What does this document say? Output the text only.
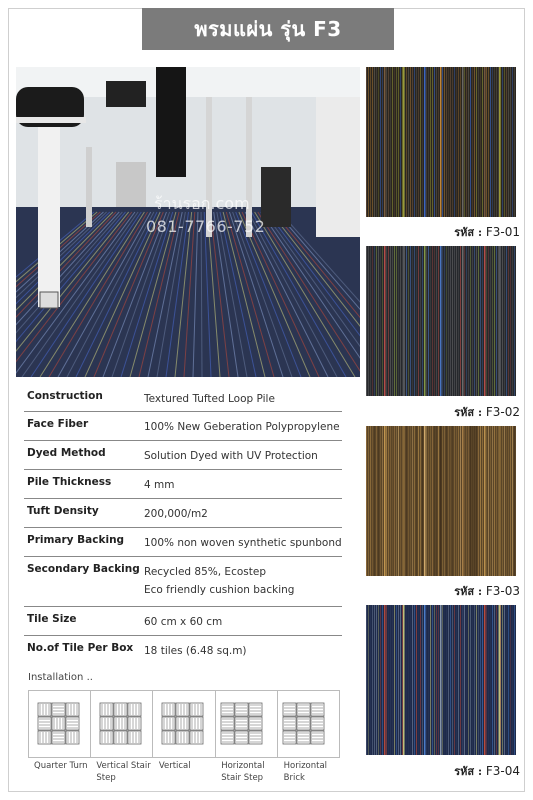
พรมแผ่น รุ่น F3
ร้านรอก.com
081-7766-752
Construction	Textured Tufted Loop Pile
Face Fiber	100% New Geberation Polypropylene
Dyed Method	Solution Dyed with UV Protection
Pile Thickness	4 mm
Tuft Density	200,000/m2
Primary Backing	100% non woven synthetic spunbond
Secondary Backing Recycled 85%, Ecostep
Eco friendly cushion backing
Tile Size	60 cm x 60 cm
No.of Tile Per Box	18 tiles (6.48 sq.m)
Installation ..
Quarter Turn	Vertical Stair Step
Vertical	Horizontal Stair Step
Horizontal Brick
รหัส : F3-01
รหัส : F3-02
รหัส : F3-03
รหัส : F3-04
